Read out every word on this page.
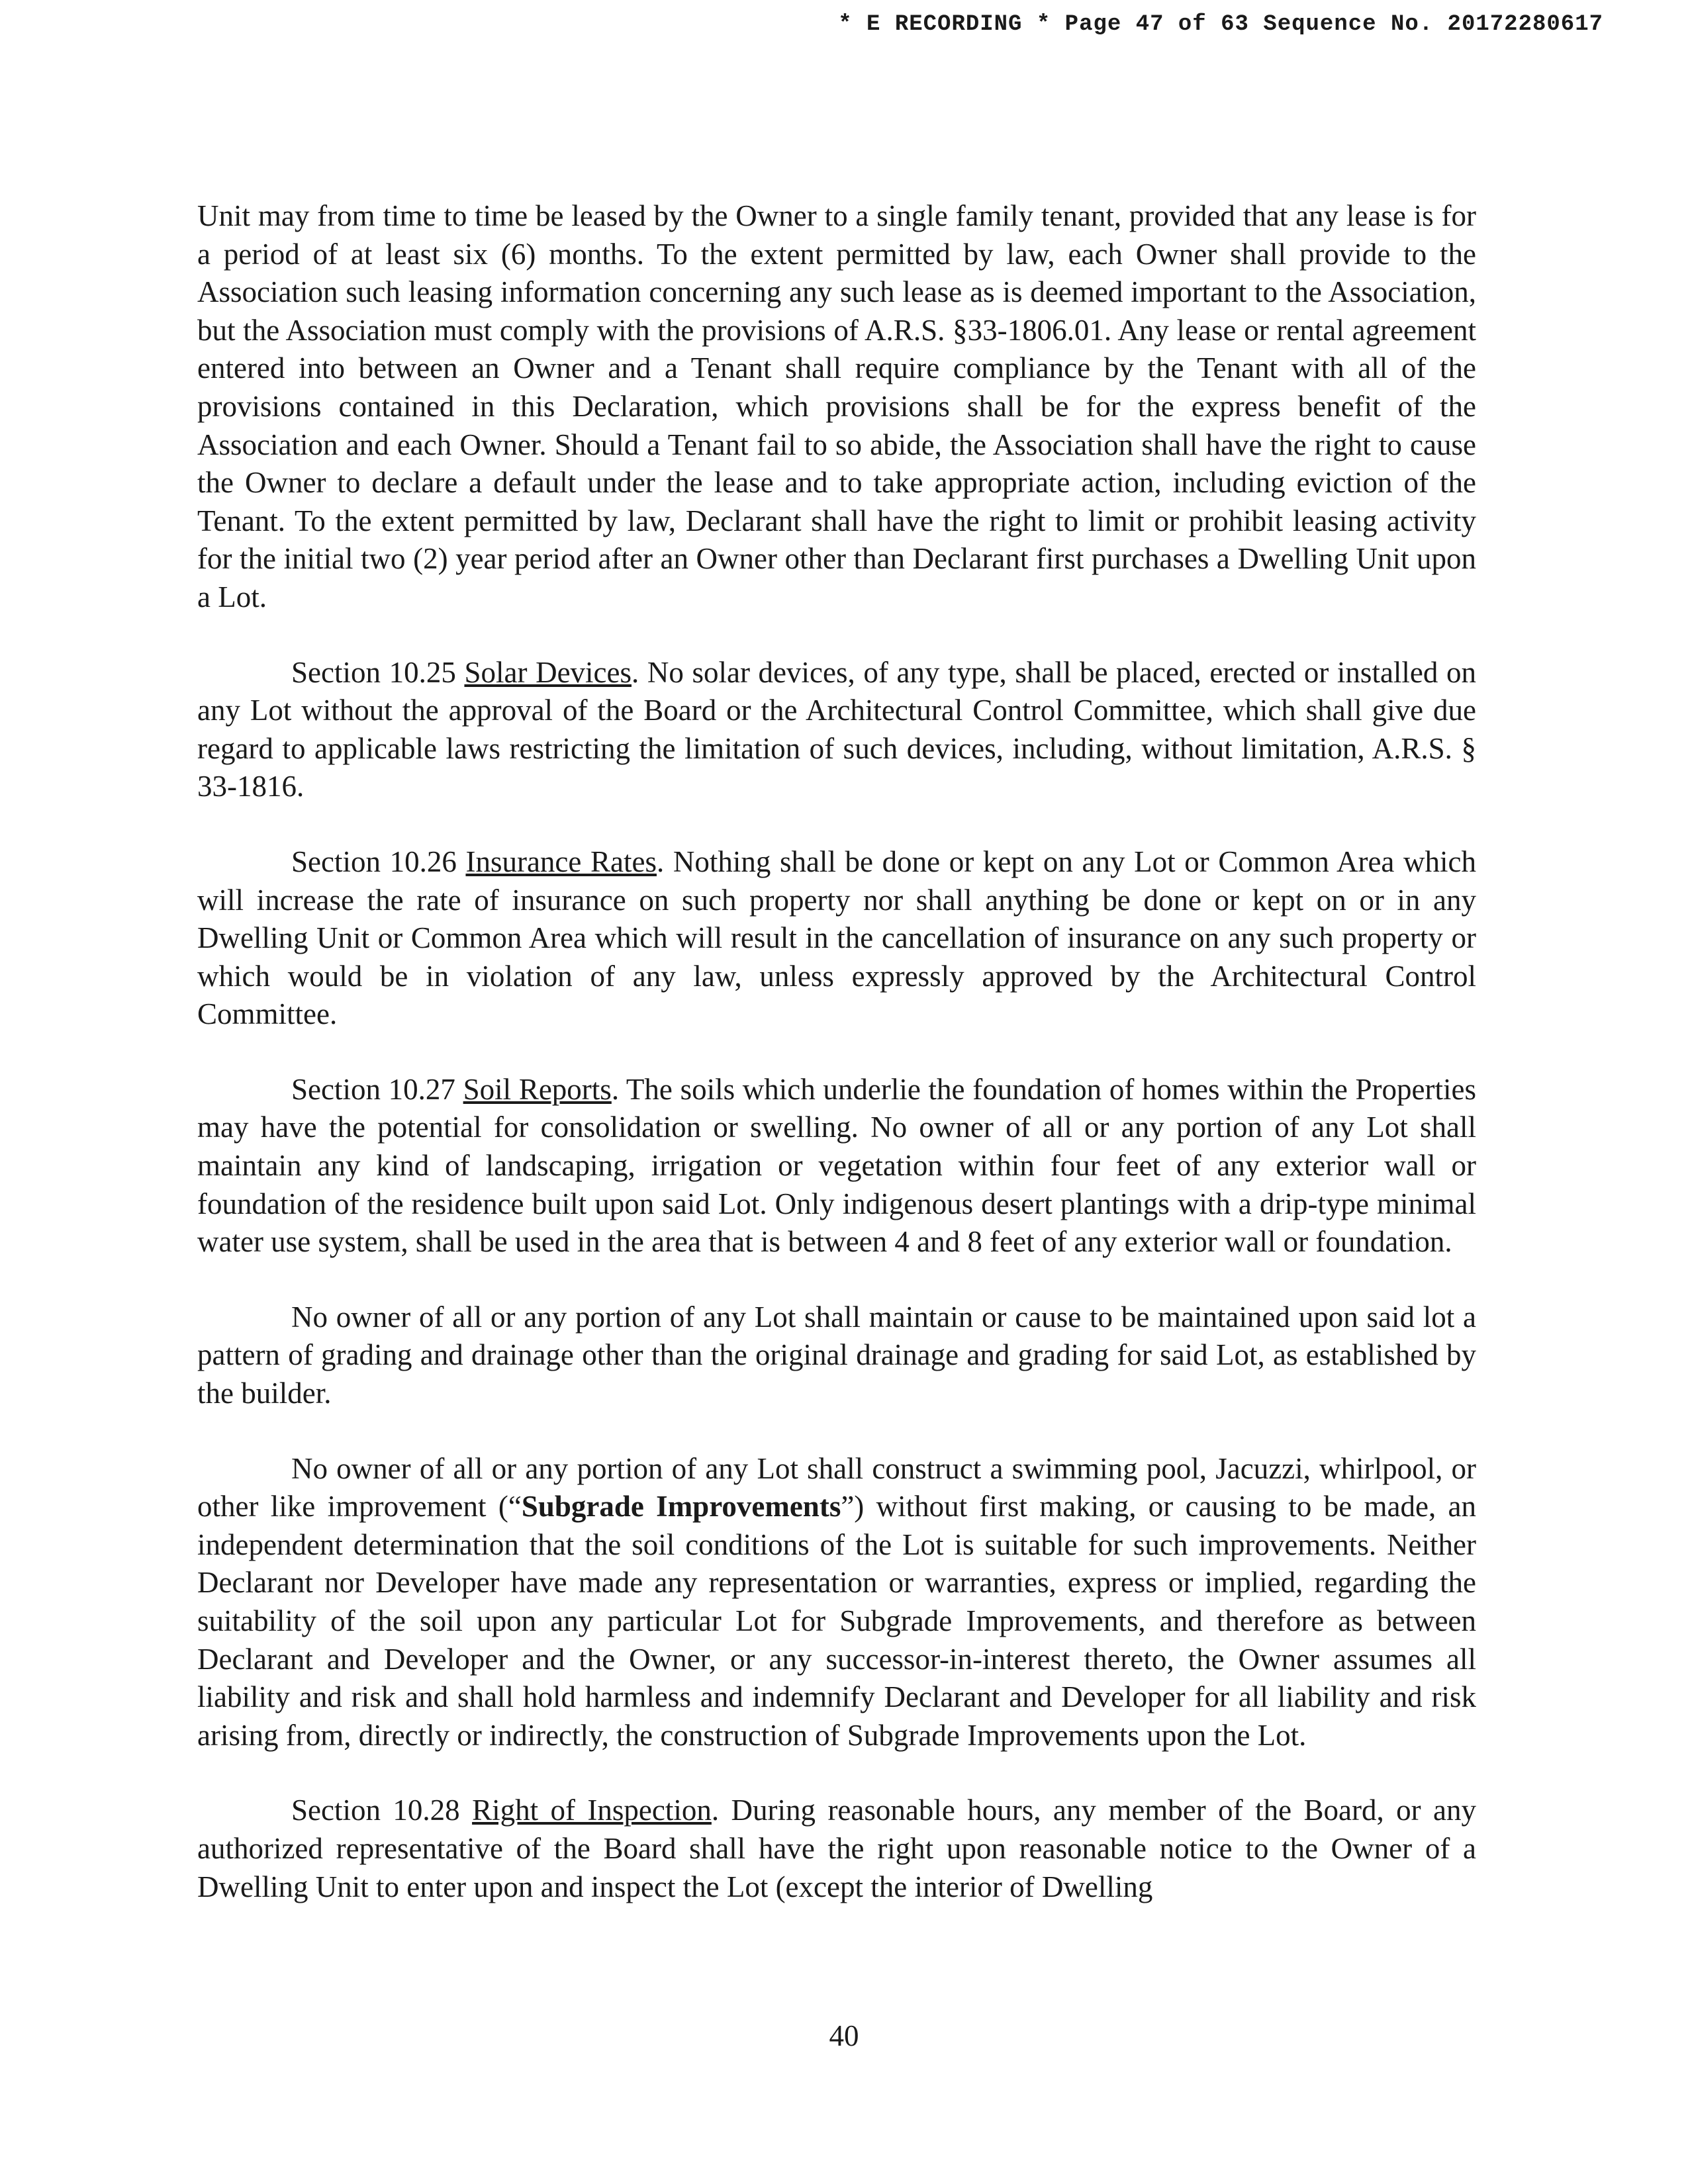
* E RECORDING * Page 47 of 63 Sequence No. 20172280617

Unit may from time to time be leased by the Owner to a single family tenant, provided that any lease is for a period of at least six (6) months. To the extent permitted by law, each Owner shall provide to the Association such leasing information concerning any such lease as is deemed important to the Association, but the Association must comply with the provisions of A.R.S. §33-1806.01. Any lease or rental agreement entered into between an Owner and a Tenant shall require compliance by the Tenant with all of the provisions contained in this Declaration, which provisions shall be for the express benefit of the Association and each Owner. Should a Tenant fail to so abide, the Association shall have the right to cause the Owner to declare a default under the lease and to take appropriate action, including eviction of the Tenant. To the extent permitted by law, Declarant shall have the right to limit or prohibit leasing activity for the initial two (2) year period after an Owner other than Declarant first purchases a Dwelling Unit upon a Lot.

Section 10.25 Solar Devices. No solar devices, of any type, shall be placed, erected or installed on any Lot without the approval of the Board or the Architectural Control Committee, which shall give due regard to applicable laws restricting the limitation of such devices, including, without limitation, A.R.S. § 33-1816.

Section 10.26 Insurance Rates. Nothing shall be done or kept on any Lot or Common Area which will increase the rate of insurance on such property nor shall anything be done or kept on or in any Dwelling Unit or Common Area which will result in the cancellation of insurance on any such property or which would be in violation of any law, unless expressly approved by the Architectural Control Committee.

Section 10.27 Soil Reports. The soils which underlie the foundation of homes within the Properties may have the potential for consolidation or swelling. No owner of all or any portion of any Lot shall maintain any kind of landscaping, irrigation or vegetation within four feet of any exterior wall or foundation of the residence built upon said Lot. Only indigenous desert plantings with a drip-type minimal water use system, shall be used in the area that is between 4 and 8 feet of any exterior wall or foundation.

No owner of all or any portion of any Lot shall maintain or cause to be maintained upon said lot a pattern of grading and drainage other than the original drainage and grading for said Lot, as established by the builder.

No owner of all or any portion of any Lot shall construct a swimming pool, Jacuzzi, whirlpool, or other like improvement (“Subgrade Improvements”) without first making, or causing to be made, an independent determination that the soil conditions of the Lot is suitable for such improvements. Neither Declarant nor Developer have made any representation or warranties, express or implied, regarding the suitability of the soil upon any particular Lot for Subgrade Improvements, and therefore as between Declarant and Developer and the Owner, or any successor-in-interest thereto, the Owner assumes all liability and risk and shall hold harmless and indemnify Declarant and Developer for all liability and risk arising from, directly or indirectly, the construction of Subgrade Improvements upon the Lot.

Section 10.28 Right of Inspection. During reasonable hours, any member of the Board, or any authorized representative of the Board shall have the right upon reasonable notice to the Owner of a Dwelling Unit to enter upon and inspect the Lot (except the interior of Dwelling

40
